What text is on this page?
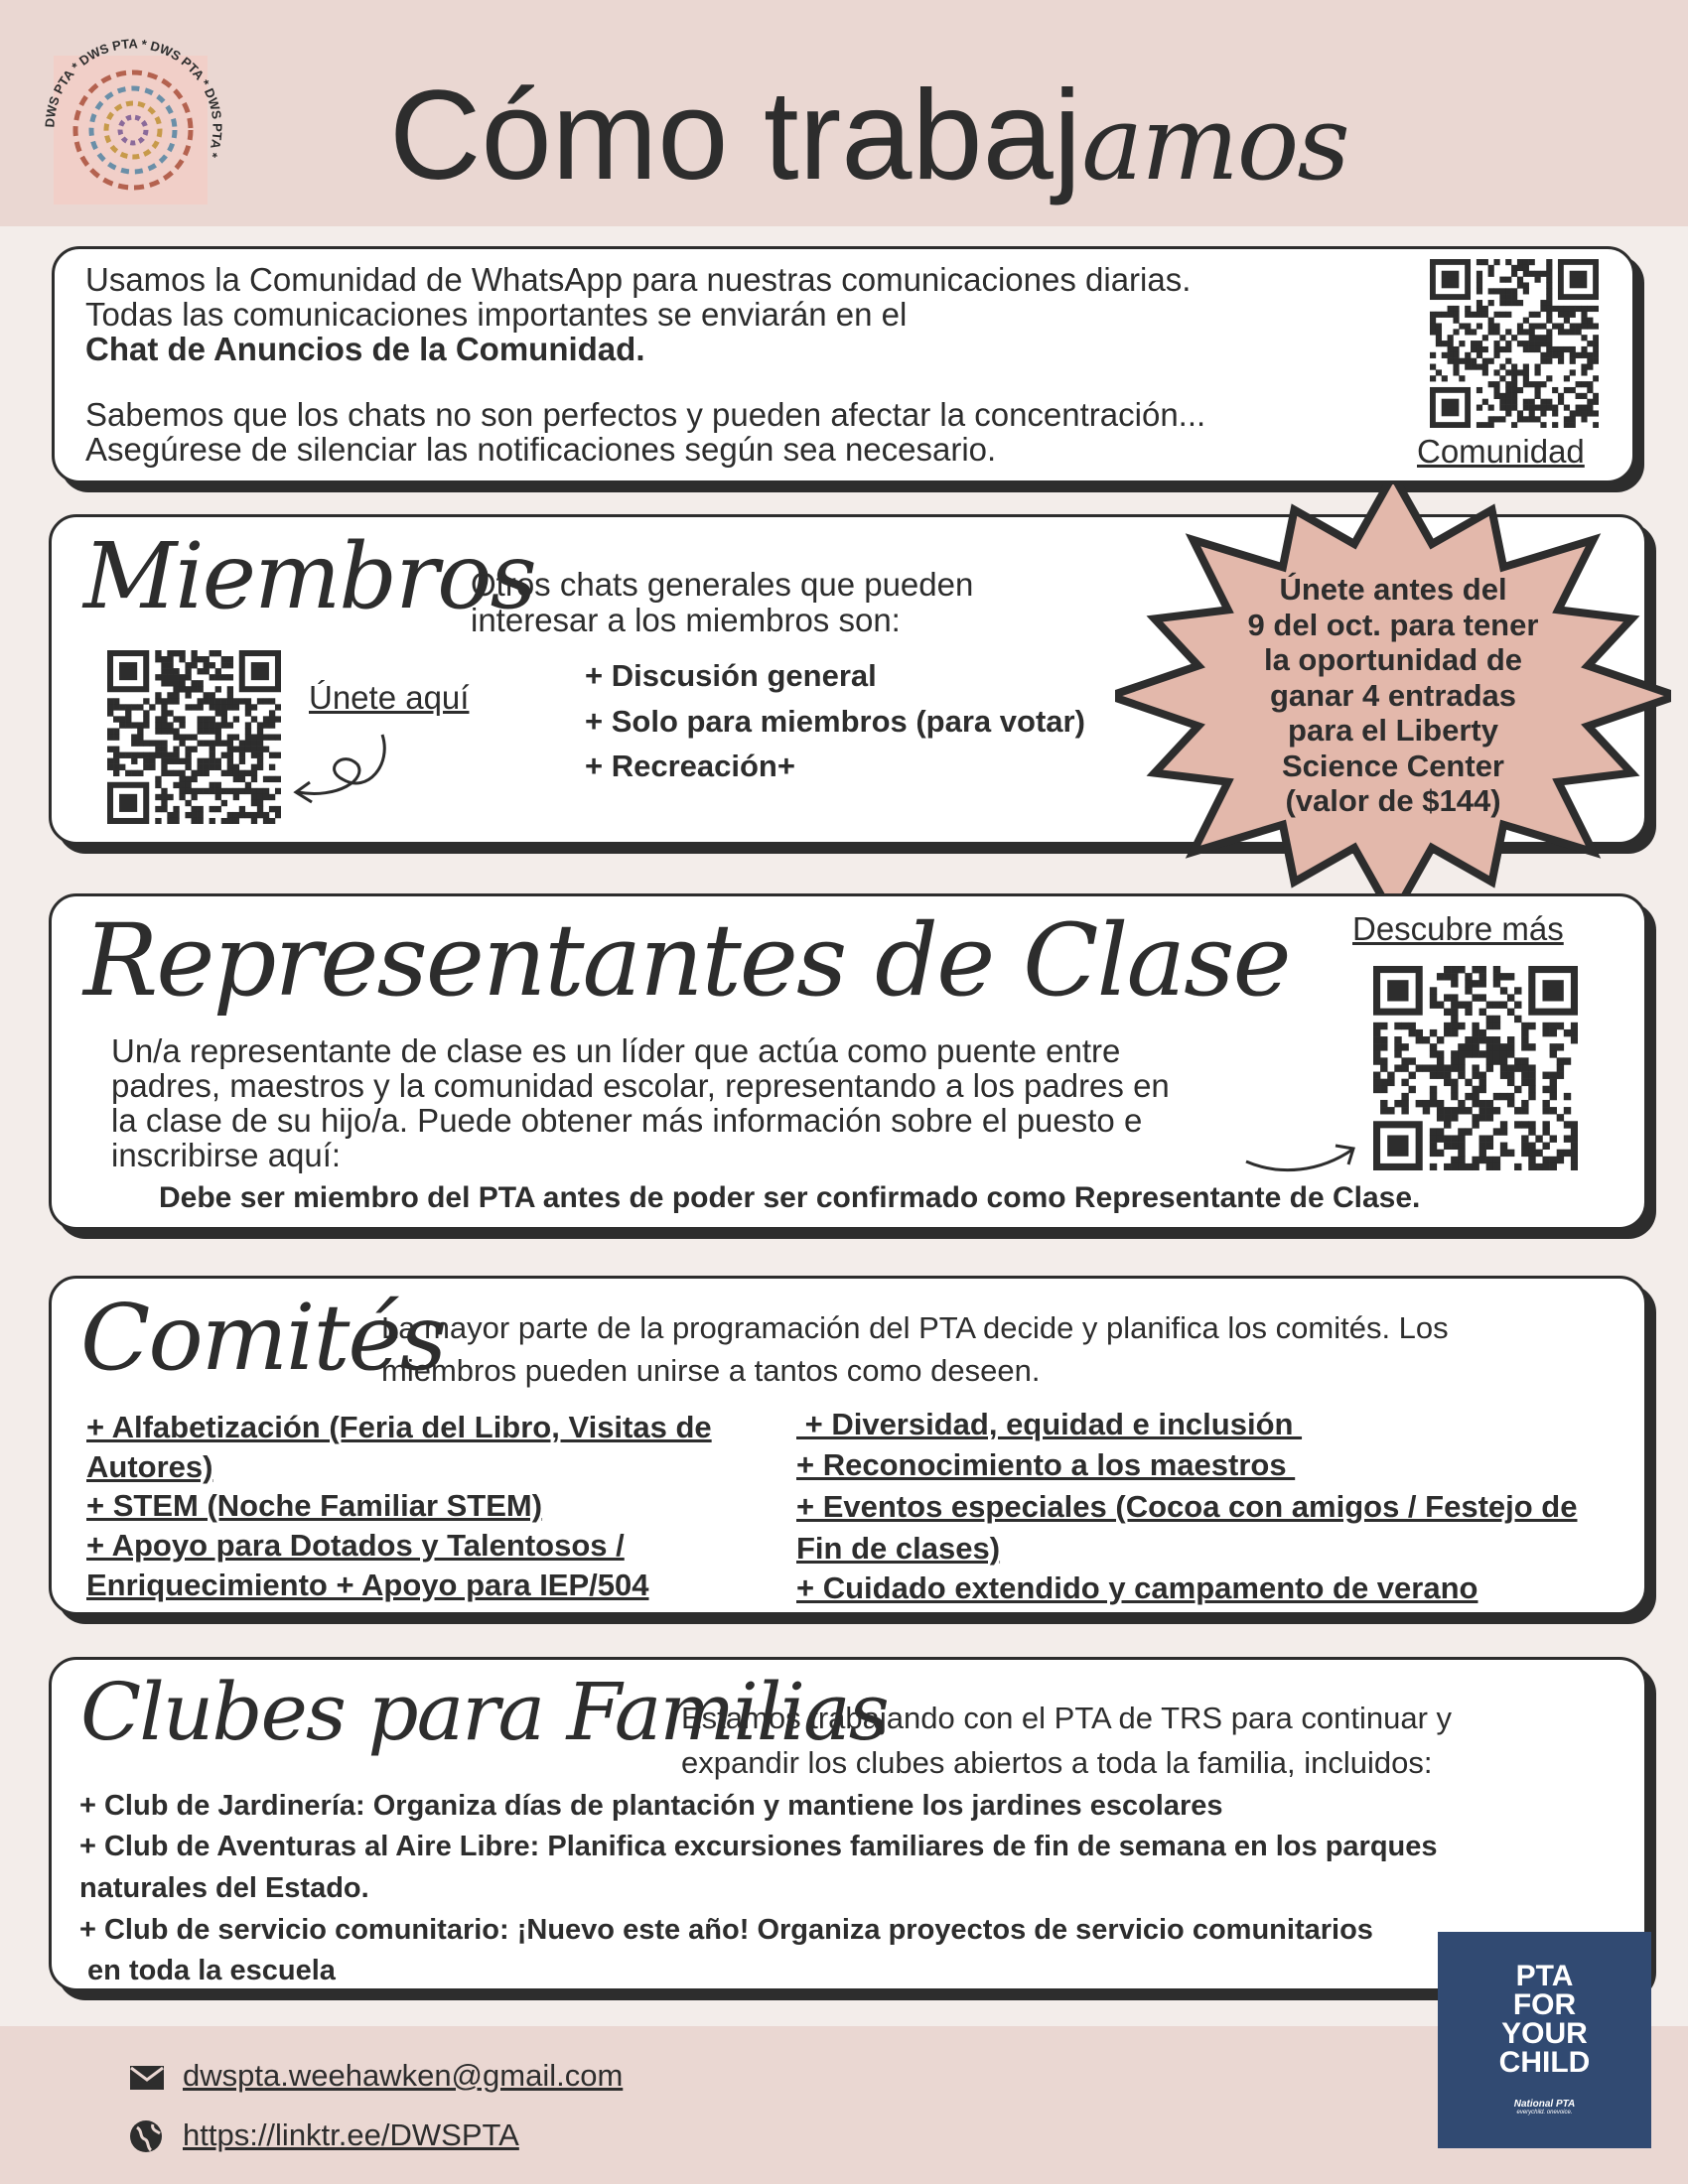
DWS PTA * DWS PTA * DWS PTA * DWS PTA * Cómo trabajamos
Usamos la Comunidad de WhatsApp para nuestras comunicaciones diarias.
Todas las comunicaciones importantes se enviarán en el
Chat de Anuncios de la Comunidad.
Sabemos que los chats no son perfectos y pueden afectar la concentración...
Asegúrese de silenciar las notificaciones según sea necesario.	Comunidad
Miembros
Otros chats generales que pueden
interesar a los miembros son:
Únete aquí
+ Discusión general
+ Solo para miembros (para votar)
+ Recreación+
Únete antes del
9 del oct. para tener
la oportunidad de
ganar 4 entradas
para el Liberty
Science Center
(valor de $144)
Representantes de Clase Descubre más
Un/a representante de clase es un líder que actúa como puente entre
padres, maestros y la comunidad escolar, representando a los padres en
la clase de su hijo/a. Puede obtener más información sobre el puesto e
inscribirse aquí:
Debe ser miembro del PTA antes de poder ser confirmado como Representante de Clase.
Comités
La mayor parte de la programación del PTA decide y planifica los comités. Los
miembros pueden unirse a tantos como deseen.
+ Alfabetización (Feria del Libro, Visitas de
Autores)
+ STEM (Noche Familiar STEM)
+ Apoyo para Dotados y Talentosos /
Enriquecimiento + Apoyo para IEP/504
+ Diversidad, equidad e inclusión
+ Reconocimiento a los maestros
+ Eventos especiales (Cocoa con amigos / Festejo de
Fin de clases)
+ Cuidado extendido y campamento de verano
Clubes para Familias
Estamos trabajando con el PTA de TRS para continuar y
expandir los clubes abiertos a toda la familia, incluidos:
+ Club de Jardinería: Organiza días de plantación y mantiene los jardines escolares
+ Club de Aventuras al Aire Libre: Planifica excursiones familiares de fin de semana en los parques
naturales del Estado.
+ Club de servicio comunitario: ¡Nuevo este año! Organiza proyectos de servicio comunitarios
en toda la escuela	PTA
FOR
YOUR
CHILD
National PTA
everychild. onevoice.
dwspta.weehawken@gmail.com
https://linktr.ee/DWSPTA
